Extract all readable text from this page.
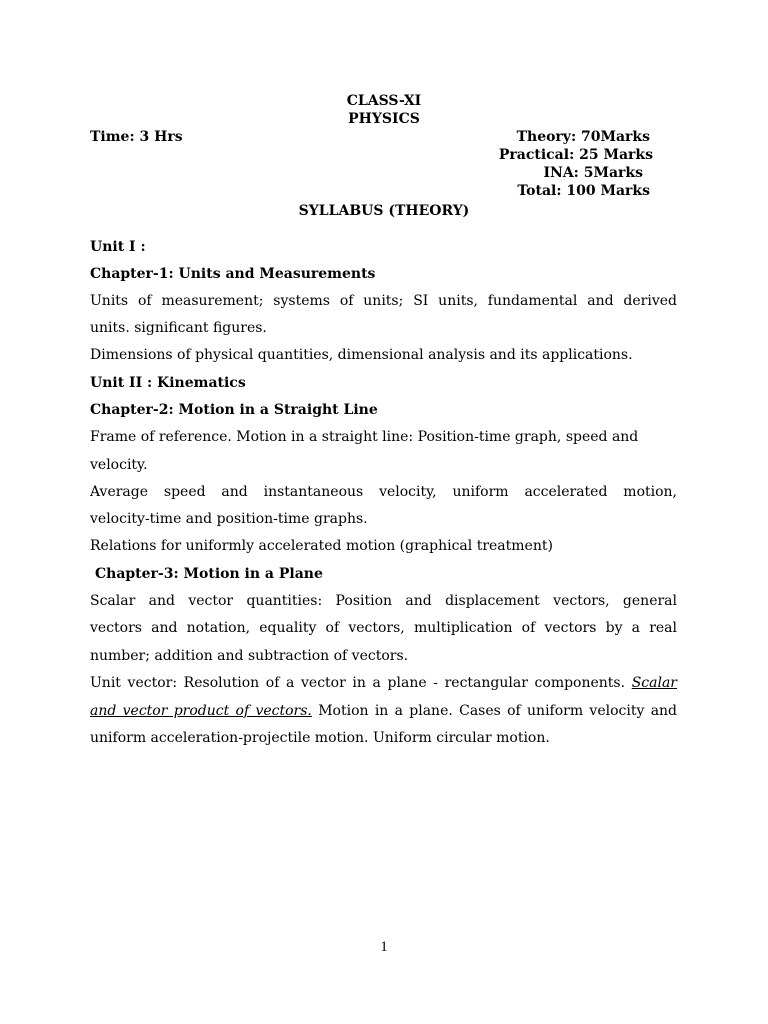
CLASS-XI
PHYSICS
Time: 3 Hrs	Theory: 70Marks
Practical: 25 Marks
INA: 5Marks
Total: 100 Marks
SYLLABUS (THEORY)
Unit I :
Chapter-1: Units and Measurements
Units of measurement; systems of units; SI units, fundamental and derived
units. significant figures.
Dimensions of physical quantities, dimensional analysis and its applications.
Unit II : Kinematics
Chapter-2: Motion in a Straight Line
Frame of reference. Motion in a straight line: Position-time graph, speed and
velocity.
Average speed and instantaneous velocity, uniform accelerated motion,
velocity-time and position-time graphs.
Relations for uniformly accelerated motion (graphical treatment)
Chapter-3: Motion in a Plane
Scalar and vector quantities: Position and displacement vectors, general
vectors and notation, equality of vectors, multiplication of vectors by a real
number; addition and subtraction of vectors.
Unit vector: Resolution of a vector in a plane - rectangular components. Scalar
and vector product of vectors. Motion in a plane. Cases of uniform velocity and
uniform acceleration-projectile motion. Uniform circular motion.
1
